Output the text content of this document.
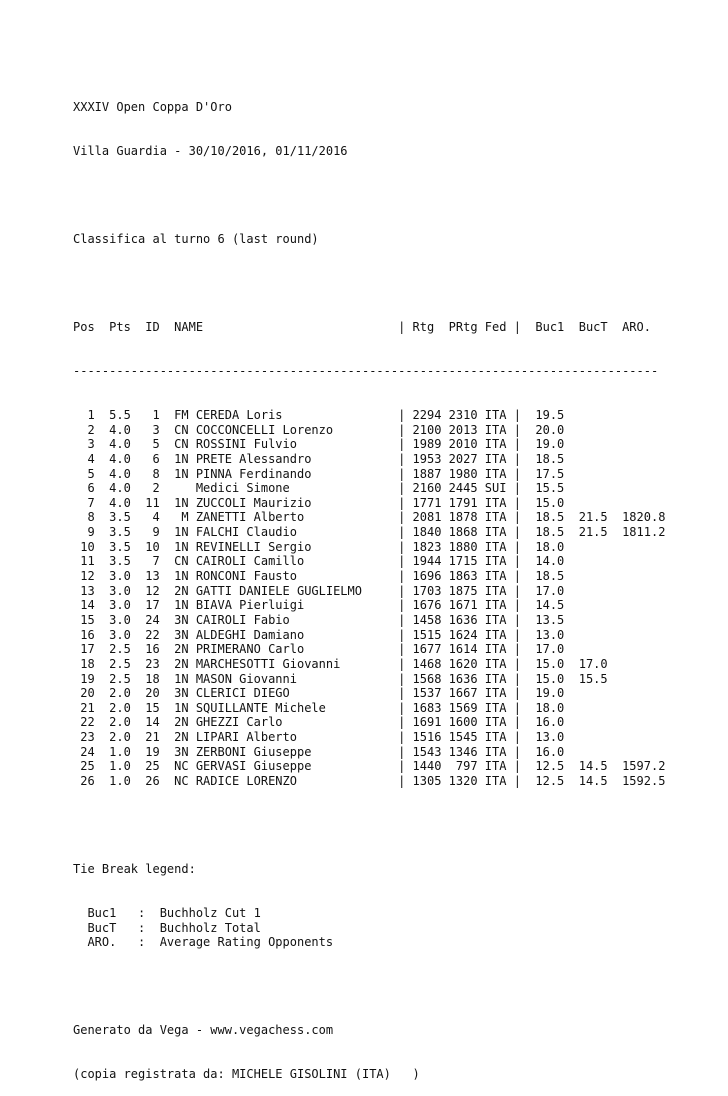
XXXIV Open Coppa D'Oro

Villa Guardia - 30/10/2016, 01/11/2016

Classifica al turno 6 (last round)

Pos  Pts  ID  NAME                           | Rtg  PRtg Fed |  Buc1  BucT  ARO.

---------------------------------------------------------------------------------

1  5.5   1  FM CEREDA Loris                | 2294 2310 ITA |  19.5
2  4.0   3  CN COCCONCELLI Lorenzo         | 2100 2013 ITA |  20.0
3  4.0   5  CN ROSSINI Fulvio              | 1989 2010 ITA |  19.0
4  4.0   6  1N PRETE Alessandro            | 1953 2027 ITA |  18.5
5  4.0   8  1N PINNA Ferdinando            | 1887 1980 ITA |  17.5
6  4.0   2     Medici Simone               | 2160 2445 SUI |  15.5
7  4.0  11  1N ZUCCOLI Maurizio            | 1771 1791 ITA |  15.0
8  3.5   4   M ZANETTI Alberto             | 2081 1878 ITA |  18.5  21.5  1820.8
9  3.5   9  1N FALCHI Claudio              | 1840 1868 ITA |  18.5  21.5  1811.2
10  3.5  10  1N REVINELLI Sergio            | 1823 1880 ITA |  18.0
11  3.5   7  CN CAIROLI Camillo             | 1944 1715 ITA |  14.0
12  3.0  13  1N RONCONI Fausto              | 1696 1863 ITA |  18.5
13  3.0  12  2N GATTI DANIELE GUGLIELMO     | 1703 1875 ITA |  17.0
14  3.0  17  1N BIAVA Pierluigi             | 1676 1671 ITA |  14.5
15  3.0  24  3N CAIROLI Fabio               | 1458 1636 ITA |  13.5
16  3.0  22  3N ALDEGHI Damiano             | 1515 1624 ITA |  13.0
17  2.5  16  2N PRIMERANO Carlo             | 1677 1614 ITA |  17.0
18  2.5  23  2N MARCHESOTTI Giovanni        | 1468 1620 ITA |  15.0  17.0
19  2.5  18  1N MASON Giovanni              | 1568 1636 ITA |  15.0  15.5
20  2.0  20  3N CLERICI DIEGO               | 1537 1667 ITA |  19.0
21  2.0  15  1N SQUILLANTE Michele          | 1683 1569 ITA |  18.0
22  2.0  14  2N GHEZZI Carlo                | 1691 1600 ITA |  16.0
23  2.0  21  2N LIPARI Alberto              | 1516 1545 ITA |  13.0
24  1.0  19  3N ZERBONI Giuseppe            | 1543 1346 ITA |  16.0
25  1.0  25  NC GERVASI Giuseppe            | 1440  797 ITA |  12.5  14.5  1597.2
26  1.0  26  NC RADICE LORENZO              | 1305 1320 ITA |  12.5  14.5  1592.5

Tie Break legend:

Buc1   :  Buchholz Cut 1
BucT   :  Buchholz Total
ARO.   :  Average Rating Opponents

Generato da Vega - www.vegachess.com

(copia registrata da: MICHELE GISOLINI (ITA)   )
